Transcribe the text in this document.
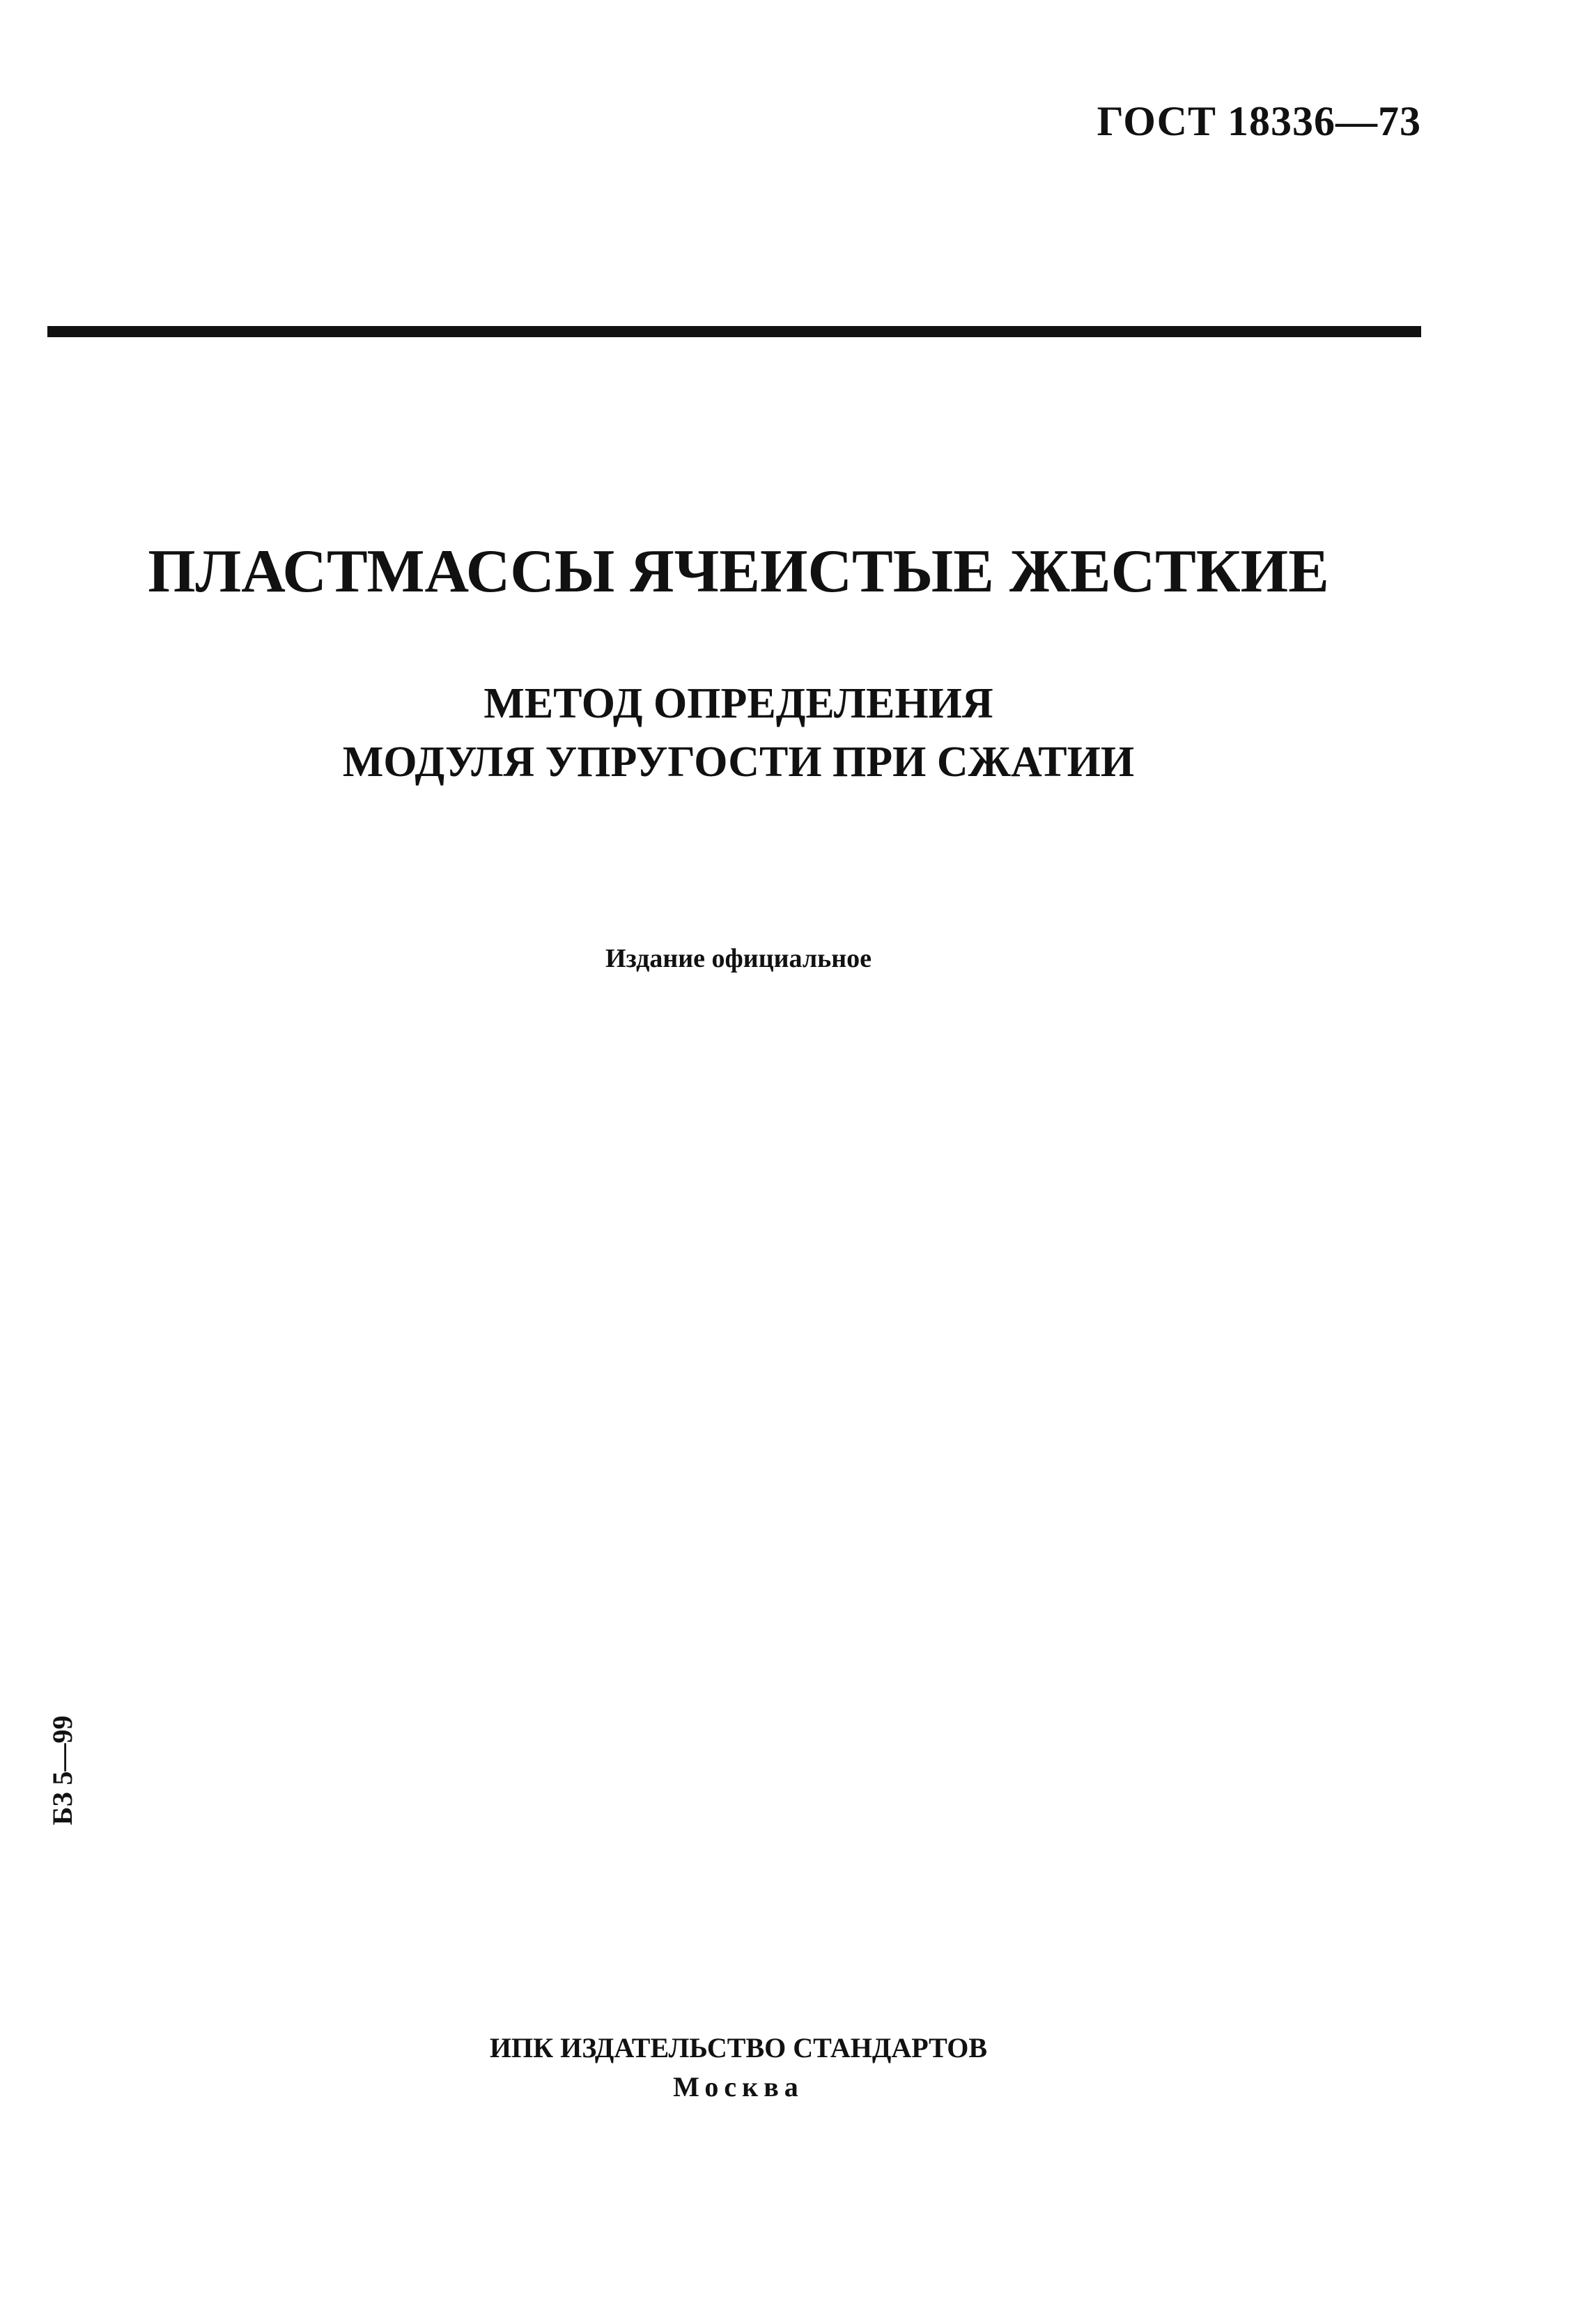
ГОСТ 18336—73
ПЛАСТМАССЫ ЯЧЕИСТЫЕ ЖЕСТКИЕ
МЕТОД ОПРЕДЕЛЕНИЯ
МОДУЛЯ УПРУГОСТИ ПРИ СЖАТИИ
Издание официальное
БЗ 5—99
ИПК ИЗДАТЕЛЬСТВО СТАНДАРТОВ
Москва
